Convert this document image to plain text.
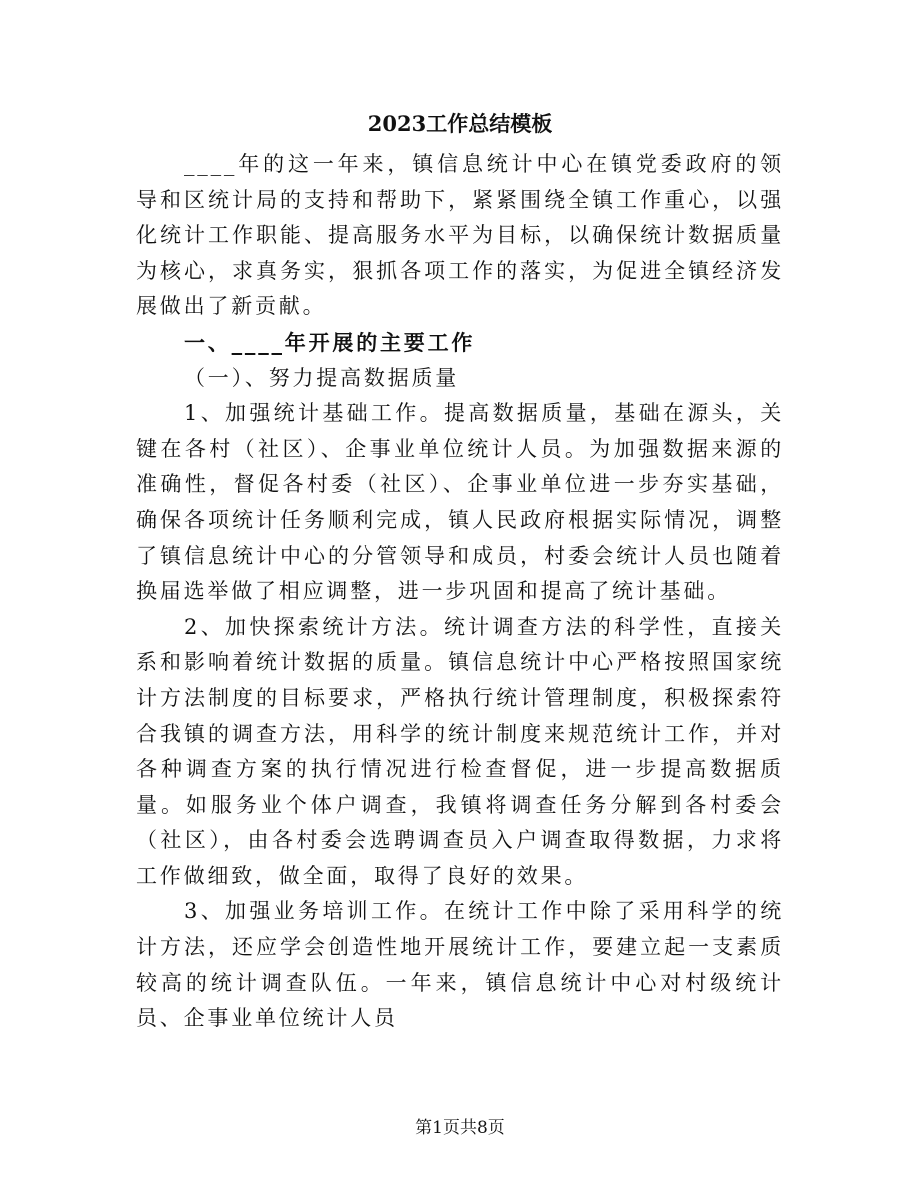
2023工作总结模板

____年的这一年来，镇信息统计中心在镇党委政府的领导和区统计局的支持和帮助下，紧紧围绕全镇工作重心，以强化统计工作职能、提高服务水平为目标，以确保统计数据质量为核心，求真务实，狠抓各项工作的落实，为促进全镇经济发展做出了新贡献。

一、____年开展的主要工作

（一）、努力提高数据质量

1、加强统计基础工作。提高数据质量，基础在源头，关键在各村（社区）、企事业单位统计人员。为加强数据来源的准确性，督促各村委（社区）、企事业单位进一步夯实基础，确保各项统计任务顺利完成，镇人民政府根据实际情况，调整了镇信息统计中心的分管领导和成员，村委会统计人员也随着换届选举做了相应调整，进一步巩固和提高了统计基础。

2、加快探索统计方法。统计调查方法的科学性，直接关系和影响着统计数据的质量。镇信息统计中心严格按照国家统计方法制度的目标要求，严格执行统计管理制度，积极探索符合我镇的调查方法，用科学的统计制度来规范统计工作，并对各种调查方案的执行情况进行检查督促，进一步提高数据质量。如服务业个体户调查，我镇将调查任务分解到各村委会（社区），由各村委会选聘调查员入户调查取得数据，力求将工作做细致，做全面，取得了良好的效果。

3、加强业务培训工作。在统计工作中除了采用科学的统计方法，还应学会创造性地开展统计工作，要建立起一支素质较高的统计调查队伍。一年来，镇信息统计中心对村级统计员、企事业单位统计人员

第1页共8页
